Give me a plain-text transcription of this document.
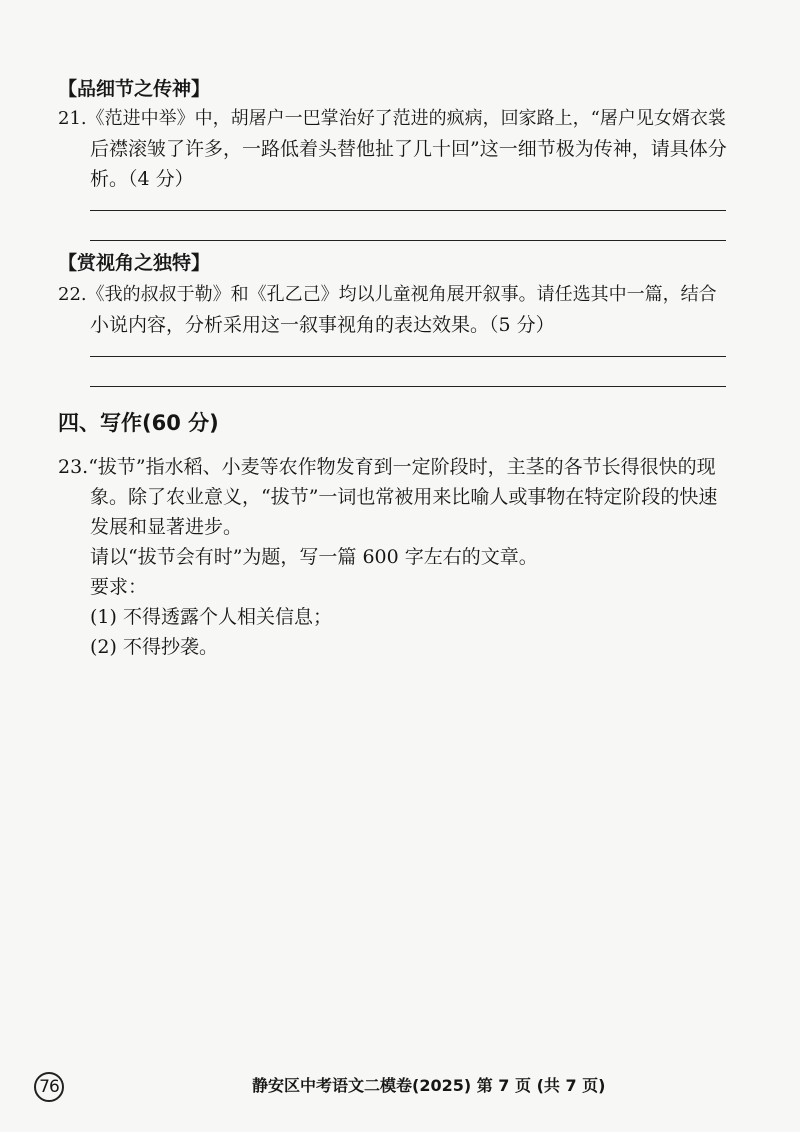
【品细节之传神】
21.《范进中举》中，胡屠户一巴掌治好了范进的疯病，回家路上，“屠户见女婿衣裳
后襟滚皱了许多，一路低着头替他扯了几十回”这一细节极为传神，请具体分
析。（4 分）
【赏视角之独特】
22.《我的叔叔于勒》和《孔乙己》均以儿童视角展开叙事。请任选其中一篇，结合
小说内容，分析采用这一叙事视角的表达效果。（5 分）
四、写作(60 分)
23.“拔节”指水稻、小麦等农作物发育到一定阶段时，主茎的各节长得很快的现
象。除了农业意义，“拔节”一词也常被用来比喻人或事物在特定阶段的快速
发展和显著进步。
请以“拔节会有时”为题，写一篇 600 字左右的文章。
要求：
(1) 不得透露个人相关信息；
(2) 不得抄袭。
76	静安区中考语文二模卷(2025) 第 7 页 (共 7 页)
